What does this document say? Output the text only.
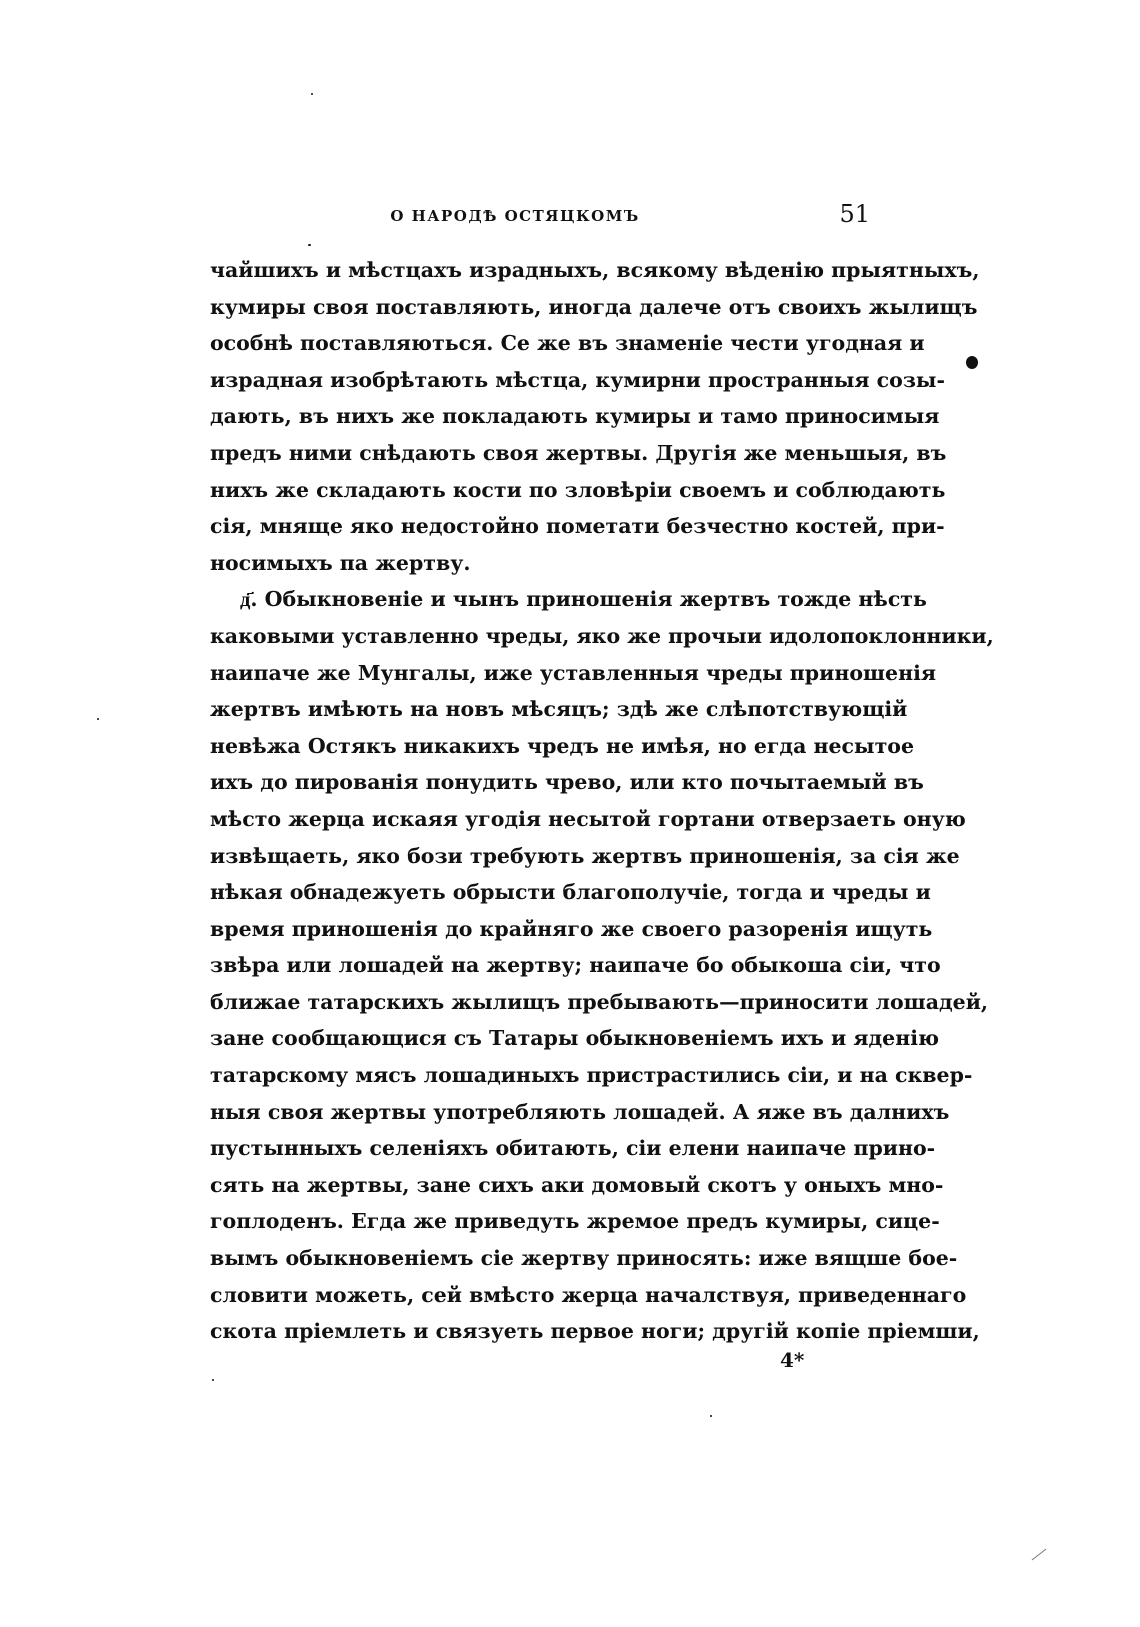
О НАРОДѢ ОСТЯЦКОМЪ	51
чайшихъ и мѣстцахъ израдныхъ, всякому вѣденію прыятныхъ,
кумиры своя поставляють, иногда далече отъ своихъ жылищъ
особнѣ поставляються. Се же въ знаменіе чести угодная и
израдная изобрѣтають мѣстца, кумирни пространныя созы-
дають, въ нихъ же покладають кумиры и тамо приносимыя
предъ ними снѣдають своя жертвы. Другія же меньшыя, въ
нихъ же складають кости по зловѣріи своемъ и соблюдають
сія, мняще яко недостойно пометати безчестно костей, при-
носимыхъ па жертву.
д҃. Обыкновеніе и чынъ приношенія жертвъ тожде нѣсть
каковыми уставленно чреды, яко же прочыи идолопоклонники,
наипаче же Мунгалы, иже уставленныя чреды приношенія
жертвъ имѣють на новъ мѣсяцъ; здѣ же слѣпотствующій
невѣжа Остякъ никакихъ чредъ не имѣя, но егда несытое
ихъ до пированія понудить чрево, или кто почытаемый въ
мѣсто жерца искаяя угодія несытой гортани отверзаеть оную
извѣщаеть, яко бози требують жертвъ приношенія, за сія же
нѣкая обнадежуеть обрысти благополучіе, тогда и чреды и
время приношенія до крайняго же своего разоренія ищуть
звѣра или лошадей на жертву; наипаче бо обыкоша сіи, что
ближае татарскихъ жылищъ пребывають—приносити лошадей,
зане сообщающися съ Татары обыкновеніемъ ихъ и яденію
татарскому мясъ лошадиныхъ пристрастились сіи, и на сквер-
ныя своя жертвы употребляють лошадей. А яже въ далнихъ
пустынныхъ селеніяхъ обитають, сіи елени наипаче прино-
сять на жертвы, зане сихъ аки домовый скотъ у оныхъ мно-
гоплоденъ. Егда же приведуть жремое предъ кумиры, сице-
вымъ обыкновеніемъ сіе жертву приносять: иже вящше бое-
словити можеть, сей вмѣсто жерца началствуя, приведеннаго
скота пріемлеть и связуеть первое ноги; другій копіе пріемши,
4*
